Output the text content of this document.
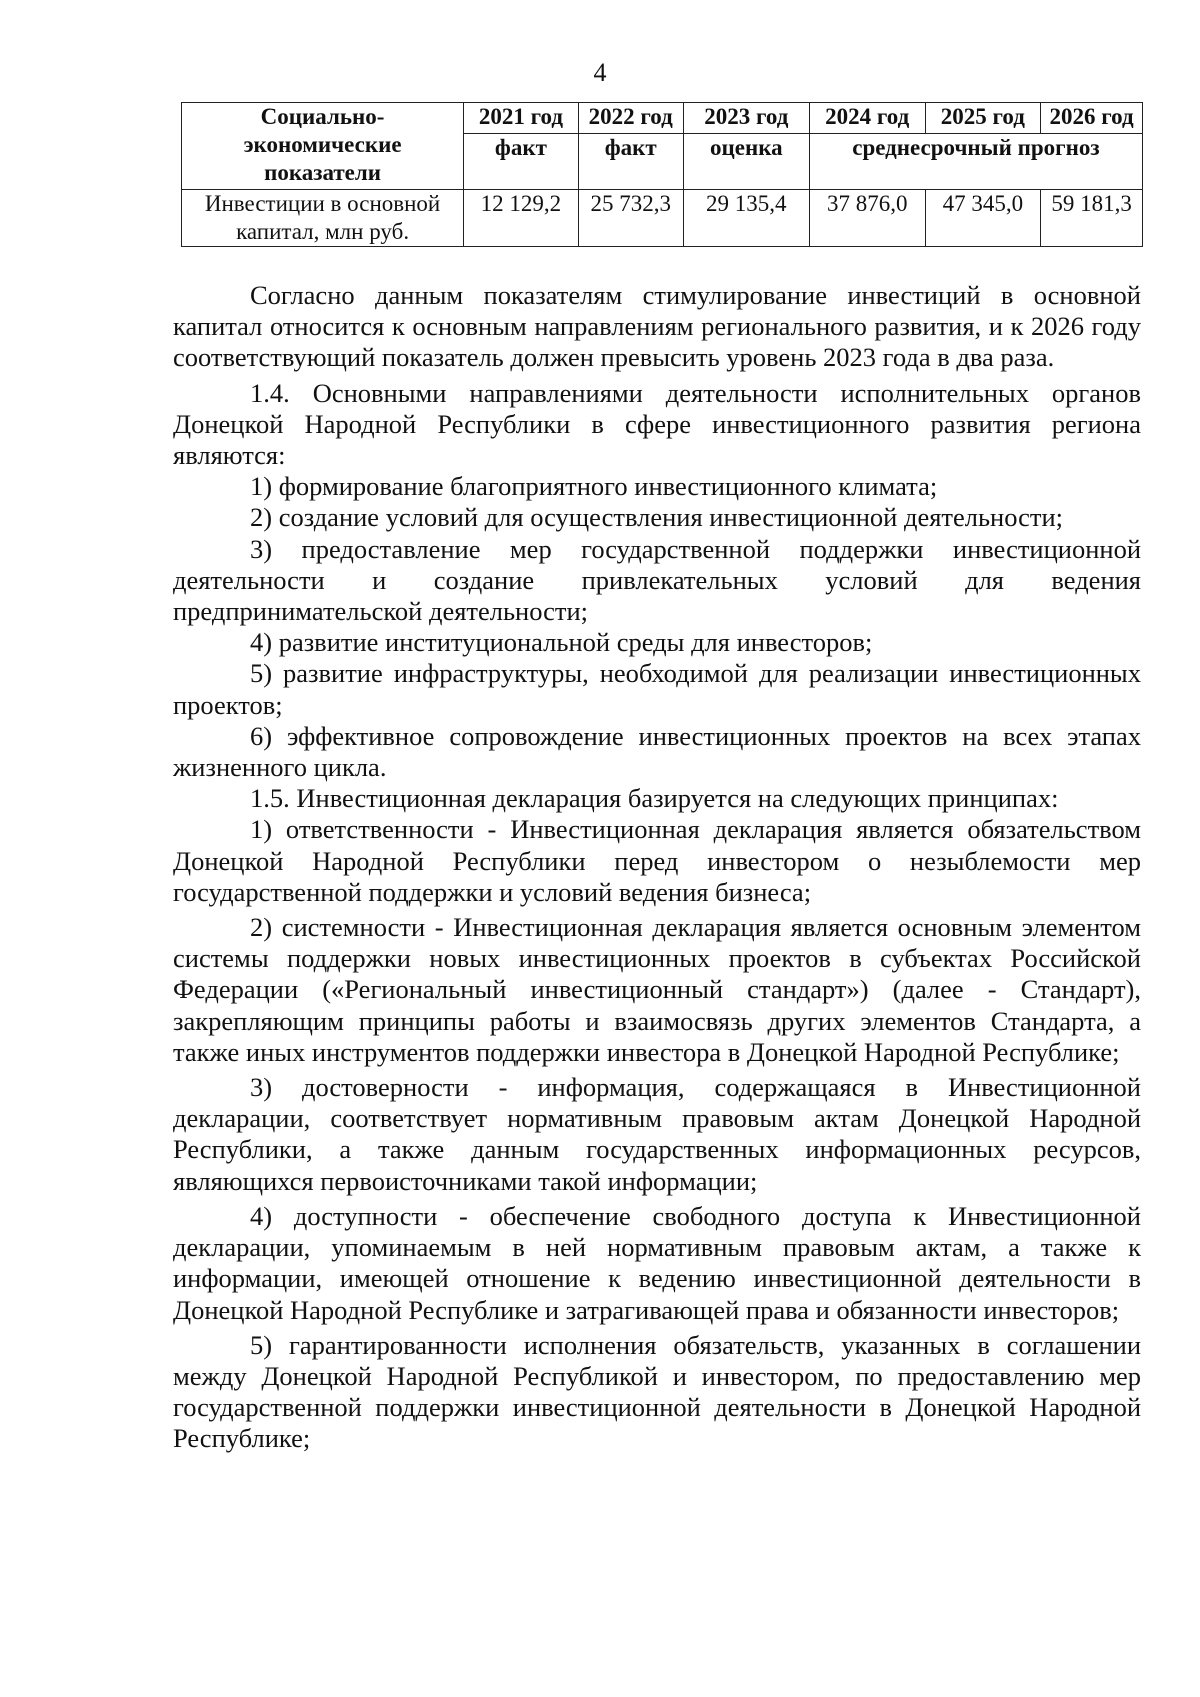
4
Социально-экономические показатели	2021 год	2022 год	2023 год	2024 год	2025 год	2026 год
	факт	факт	оценка	среднесрочный прогноз		
Инвестиции в основной капитал, млн руб.	12 129,2	25 732,3	29 135,4	37 876,0	47 345,0	59 181,3

Согласно данным показателям стимулирование инвестиций в основной капитал относится к основным направлениям регионального развития, и к 2026 году соответствующий показатель должен превысить уровень 2023 года в два раза.

1.4. Основными направлениями деятельности исполнительных органов Донецкой Народной Республики в сфере инвестиционного развития региона являются:

1) формирование благоприятного инвестиционного климата;

2) создание условий для осуществления инвестиционной деятельности;

3) предоставление мер государственной поддержки инвестиционной деятельности и создание привлекательных условий для ведения предпринимательской деятельности;

4) развитие институциональной среды для инвесторов;

5) развитие инфраструктуры, необходимой для реализации инвестиционных проектов;

6) эффективное сопровождение инвестиционных проектов на всех этапах жизненного цикла.

1.5. Инвестиционная декларация базируется на следующих принципах:

1) ответственности - Инвестиционная декларация является обязательством Донецкой Народной Республики перед инвестором о незыблемости мер государственной поддержки и условий ведения бизнеса;

2) системности - Инвестиционная декларация является основным элементом системы поддержки новых инвестиционных проектов в субъектах Российской Федерации («Региональный инвестиционный стандарт») (далее - Стандарт), закрепляющим принципы работы и взаимосвязь других элементов Стандарта, а также иных инструментов поддержки инвестора в Донецкой Народной Республике;

3) достоверности - информация, содержащаяся в Инвестиционной декларации, соответствует нормативным правовым актам Донецкой Народной Республики, а также данным государственных информационных ресурсов, являющихся первоисточниками такой информации;

4) доступности - обеспечение свободного доступа к Инвестиционной декларации, упоминаемым в ней нормативным правовым актам, а также к информации, имеющей отношение к ведению инвестиционной деятельности в Донецкой Народной Республике и затрагивающей права и обязанности инвесторов;

5) гарантированности исполнения обязательств, указанных в соглашении между Донецкой Народной Республикой и инвестором, по предоставлению мер государственной поддержки инвестиционной деятельности в Донецкой Народной Республике;
